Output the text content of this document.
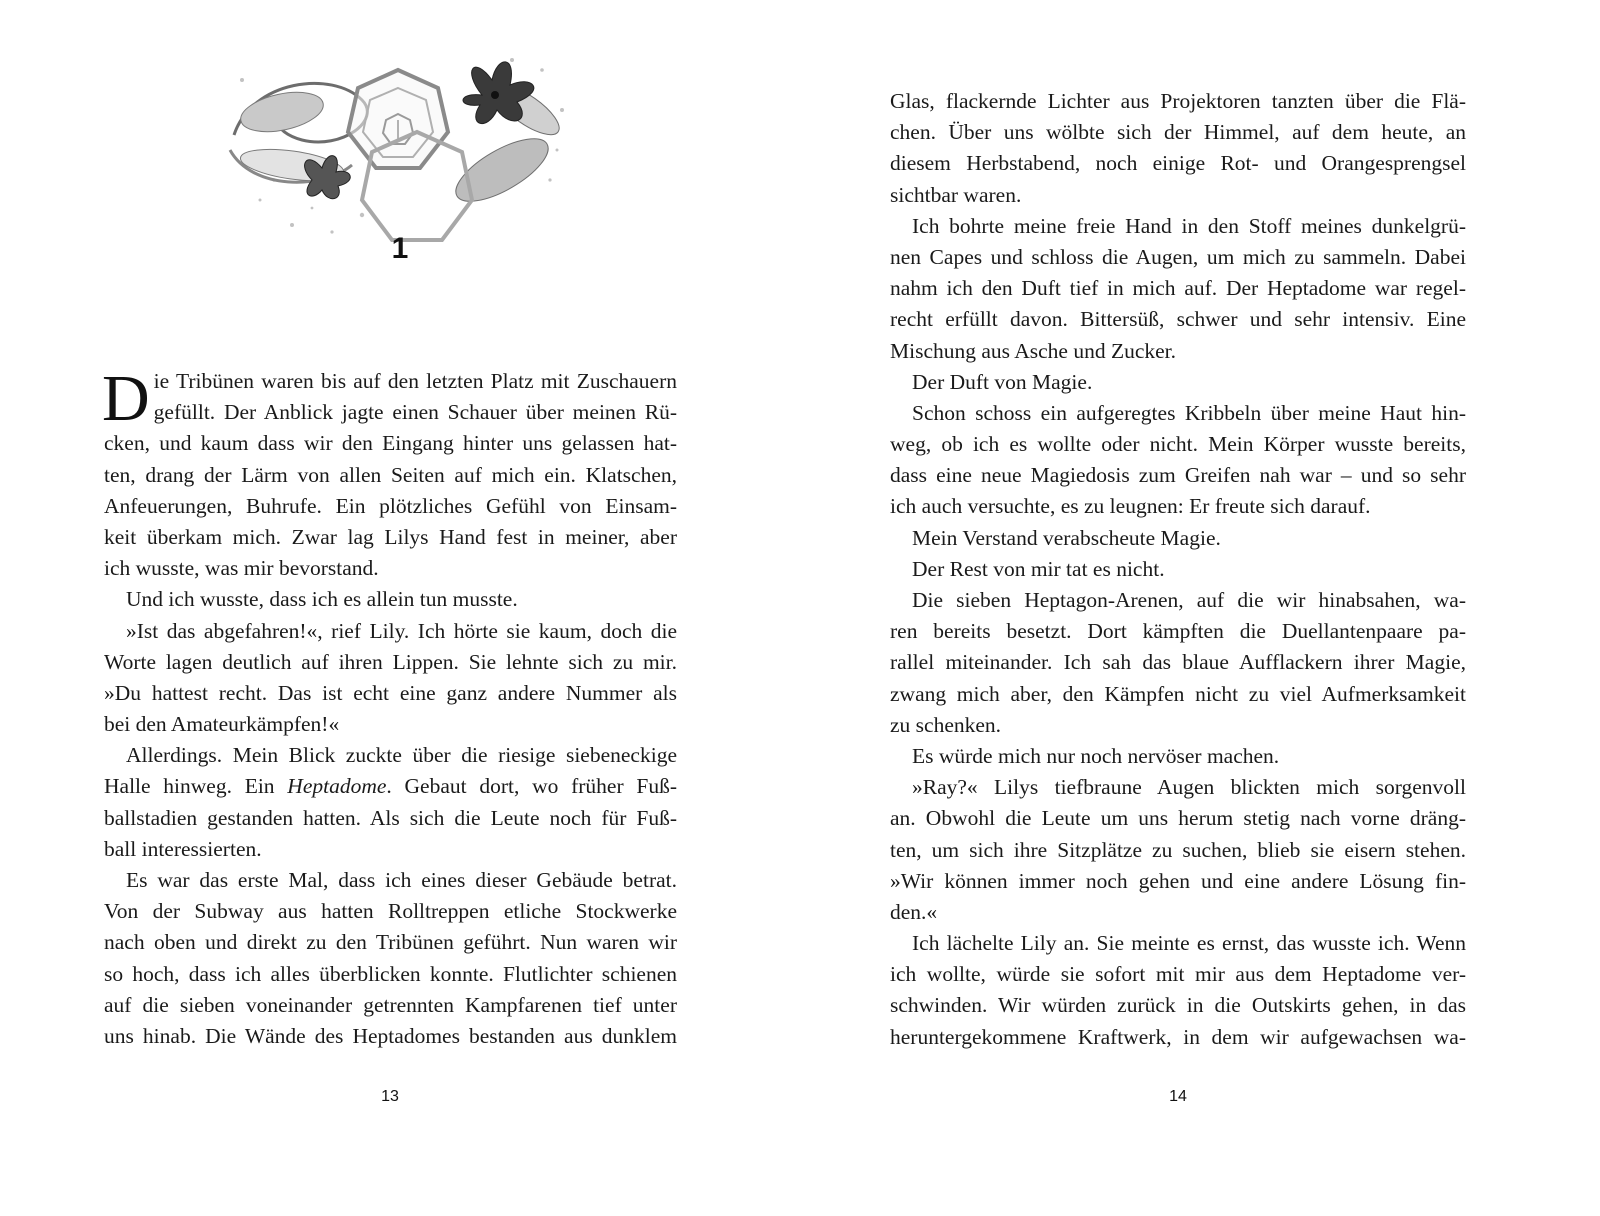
1
D ie Tribünen waren bis auf den letzten Platz mit Zuschauern
gefüllt. Der Anblick jagte einen Schauer über meinen Rü-
cken, und kaum dass wir den Eingang hinter uns gelassen hat-
ten, drang der Lärm von allen Seiten auf mich ein. Klatschen,
Anfeuerungen, Buhrufe. Ein plötzliches Gefühl von Einsam-
keit überkam mich. Zwar lag Lilys Hand fest in meiner, aber
ich wusste, was mir bevorstand.
Und ich wusste, dass ich es allein tun musste.
»Ist das abgefahren!«, rief Lily. Ich hörte sie kaum, doch die
Worte lagen deutlich auf ihren Lippen. Sie lehnte sich zu mir.
»Du hattest recht. Das ist echt eine ganz andere Nummer als
bei den Amateurkämpfen!«
Allerdings. Mein Blick zuckte über die riesige siebeneckige
Halle hinweg. Ein Heptadome. Gebaut dort, wo früher Fuß-
ballstadien gestanden hatten. Als sich die Leute noch für Fuß-
ball interessierten.
Es war das erste Mal, dass ich eines dieser Gebäude betrat.
Von der Subway aus hatten Rolltreppen etliche Stockwerke
nach oben und direkt zu den Tribünen geführt. Nun waren wir
so hoch, dass ich alles überblicken konnte. Flutlichter schienen
auf die sieben voneinander getrennten Kampfarenen tief unter
uns hinab. Die Wände des Heptadomes bestanden aus dunklem
13
Glas, flackernde Lichter aus Projektoren tanzten über die Flä-
chen. Über uns wölbte sich der Himmel, auf dem heute, an
diesem Herbstabend, noch einige Rot- und Orangesprengsel
sichtbar waren.
Ich bohrte meine freie Hand in den Stoff meines dunkelgrü-
nen Capes und schloss die Augen, um mich zu sammeln. Dabei
nahm ich den Duft tief in mich auf. Der Heptadome war regel-
recht erfüllt davon. Bittersüß, schwer und sehr intensiv. Eine
Mischung aus Asche und Zucker.
Der Duft von Magie.
Schon schoss ein aufgeregtes Kribbeln über meine Haut hin-
weg, ob ich es wollte oder nicht. Mein Körper wusste bereits,
dass eine neue Magiedosis zum Greifen nah war – und so sehr
ich auch versuchte, es zu leugnen: Er freute sich darauf.
Mein Verstand verabscheute Magie.
Der Rest von mir tat es nicht.
Die sieben Heptagon-Arenen, auf die wir hinabsahen, wa-
ren bereits besetzt. Dort kämpften die Duellantenpaare pa-
rallel miteinander. Ich sah das blaue Aufflackern ihrer Magie,
zwang mich aber, den Kämpfen nicht zu viel Aufmerksamkeit
zu schenken.
Es würde mich nur noch nervöser machen.
»Ray?« Lilys tiefbraune Augen blickten mich sorgenvoll
an. Obwohl die Leute um uns herum stetig nach vorne dräng-
ten, um sich ihre Sitzplätze zu suchen, blieb sie eisern stehen.
»Wir können immer noch gehen und eine andere Lösung fin-
den.«
Ich lächelte Lily an. Sie meinte es ernst, das wusste ich. Wenn
ich wollte, würde sie sofort mit mir aus dem Heptadome ver-
schwinden. Wir würden zurück in die Outskirts gehen, in das
heruntergekommene Kraftwerk, in dem wir aufgewachsen wa-
14
